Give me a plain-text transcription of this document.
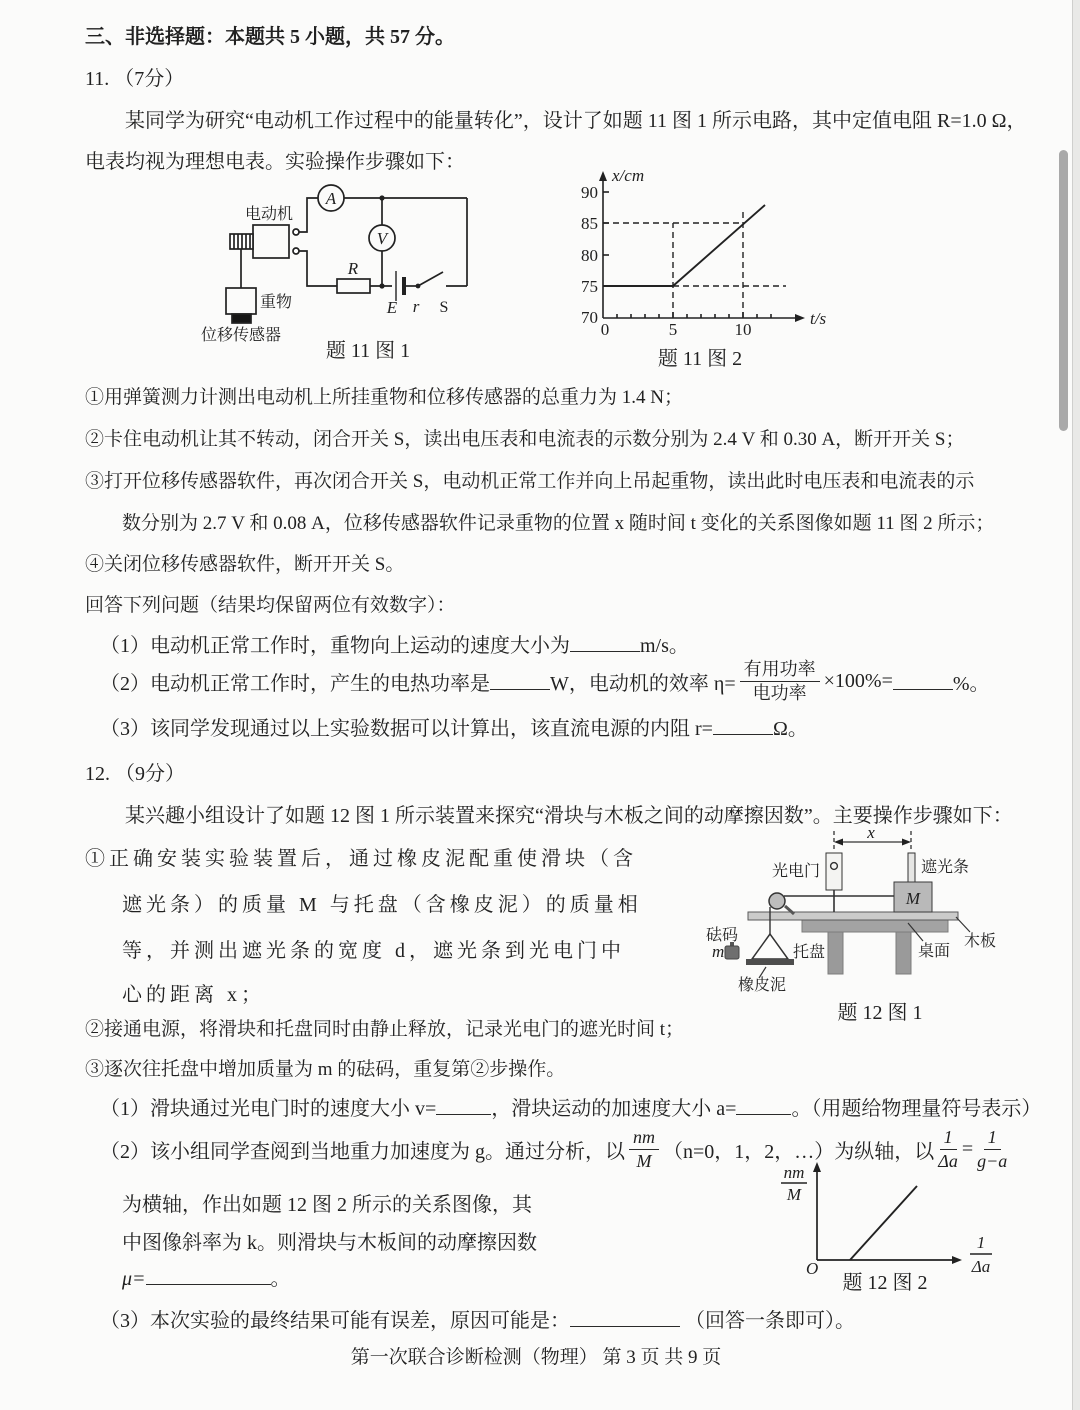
三、非选择题：本题共 5 小题，共 57 分。
11. （7分）
某同学为研究“电动机工作过程中的能量转化”，设计了如题 11 图 1 所示电路，其中定值电阻 R=1.0 Ω，
电表均视为理想电表。实验操作步骤如下：
电动机
重物
位移传感器
A
V
R
E r S
题 11 图 1
x/cm
t/s
90
85
80
75
70
0	5	10
题 11 图 2
①用弹簧测力计测出电动机上所挂重物和位移传感器的总重力为 1.4 N；
②卡住电动机让其不转动，闭合开关 S，读出电压表和电流表的示数分别为 2.4 V 和 0.30 A，断开开关 S；
③打开位移传感器软件，再次闭合开关 S，电动机正常工作并向上吊起重物，读出此时电压表和电流表的示
数分别为 2.7 V 和 0.08 A，位移传感器软件记录重物的位置 x 随时间 t 变化的关系图像如题 11 图 2 所示；
④关闭位移传感器软件，断开开关 S。
回答下列问题（结果均保留两位有效数字）：
（1）电动机正常工作时，重物向上运动的速度大小为	m/s。
（2）电动机正常工作时，产生的电热功率是	W，电动机的效率 $\eta= \frac{\text{有用功率}}{\text{电功率}} \times 100\%=$	%。
（3）该同学发现通过以上实验数据可以计算出，该直流电源的内阻 r=	Ω。
12. （9分）
某兴趣小组设计了如题 12 图 1 所示装置来探究“滑块与木板之间的动摩擦因数”。主要操作步骤如下：
①正确安装实验装置后，通过橡皮泥配重使滑块（含
遮光条）的质量 M 与托盘（含橡皮泥）的质量相
等，并测出遮光条的宽度 d，遮光条到光电门中
心的距离 x；
x
光电门	遮光条
M
砝码
m	托盘
橡皮泥
木板
桌面
题 12 图 1
②接通电源，将滑块和托盘同时由静止释放，记录光电门的遮光时间 t；
③逐次往托盘中增加质量为 m 的砝码，重复第②步操作。
（1）滑块通过光电门时的速度大小 v=	，滑块运动的加速度大小 a=	。（用题给物理量符号表示）
（2）该小组同学查阅到当地重力加速度为 g。通过分析，以 $\frac{nm}{M} (n=0$，1，2，…）为纵轴，以 $\frac{1}{\Delta a} = \frac{1}{g-a}$
为横轴，作出如题 12 图 2 所示的关系图像，其
中图像斜率为 k。则滑块与木板间的动摩擦因数
μ=	。
nm
M
1
Δa
O
题 12 图 2
（3）本次实验的最终结果可能有误差，原因可能是：	（回答一条即可）。
第一次联合诊断检测（物理） 第 3 页 共 9 页
